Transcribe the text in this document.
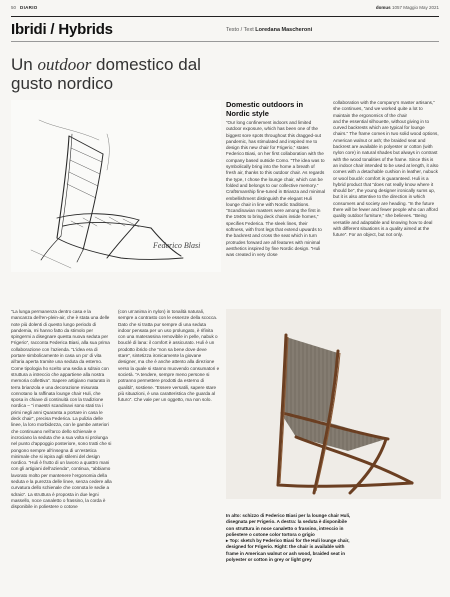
50 DIARIO	domus 1057 Maggio May 2021
Ibridi / Hybrids	Testo / Text Loredana Mascheroni
Un outdoor domestico dal gusto nordico
Federico Blasi
Domestic outdoors in Nordic style

“Our long confinement indoors and limited outdoor exposure, which has been one of the biggest sore spots throughout this dragged-out pandemic, has stimulated and inspired me to design this new chair for Frigerio,” states Federico Biasi, on her first collaboration with the company based outside Como. “The idea was to symbolically bring into the home a breath of fresh air, thanks to this outdoor chair. As regards the type, I chose the lounge chair, which can be folded and belongs to our collective memory.” Craftsmanship fine-tuned in Brianza and minimal embellishment distinguish the elegant Huli lounge chair in line with Nordic traditions. “Scandinavian masters were among the first in the 1940s to bring deck chairs inside homes,” specifies Federica. The sleek lines, their softness, with front legs that extend upwards to the backrest and cross the seat which in turn protrudes forward are all features with minimal aesthetics inspired by fine Nordic design. “Huli was created in very close

collaboration with the company’s master artisans,” she continues, “and we worked quite a lot to maintain the ergonomics of the chair

and the essential silhouette, without giving in to curved backrests which are typical for lounge chairs.” The frame comes in two solid wood options, American walnut or ash; the braided seat and backrest are available in polyester or cotton (with nylon core) in natural shades but always in contrast with the wood tonalities of the frame. Since this is an indoor chair intended to be used at length, it also comes with a detachable cushion in leather, nubuck or wool bouclé: comfort is guaranteed. Huli is a hybrid product that “does not really know where it should be”, the young designer ironically sums up, but it is also attentive to the direction in which consumers and society are heading. “In the future there will be fewer and fewer people who can afford quality outdoor furniture,” she believes. “Being versatile and adaptable and knowing how to deal with different situations is a quality aimed at the future”. For an object, but not only.

“La lunga permanenza dentro casa e la mancanza dell’en-plein-air, che è stata una delle note più dolenti di questo lungo periodo di pandemia, mi hanno fatto da stimolo per spingermi a disegnare questa nuova seduta per Frigerio”, racconta Federica Biasi, alla sua prima collaborazione con l’azienda. “L’idea era di portare simbolicamente in casa un po’ di vita all’aria aperta tramite una seduta da esterno. Come tipologia ho scelto una sedia a sdraio con struttura a intreccio che appartiene alla nostra memoria collettiva”. Sapere artigiano maturato in terra brianzola e una decorazione misurata connotano la raffinata lounge chair Huli, che sposa in chiave di continuità con la tradizione nordica – “i maestri scandinavi sono stati tra i primi negli anni Quaranta a portare in casa le deck chair”, precisa Federica. La pulizia delle linee, la loro morbidezza, con le gambe anteriori che continuano nell’arco dello schienale e incrociano la seduta che a sua volta si prolunga nel punto d’appoggio posteriore, sono tratti che si pongono sempre all’insegna di un’estetica minimale che si ispira agli stilemi del design nordico. “Huli è frutto di un lavoro a quattro mani con gli artigiani dell’azienda”, continua, “abbiamo lavorato molto per mantenere l’ergonomia della seduta e la purezza delle linee, senza cedere alla curvatura dello schienale che connota le sedie a sdraio”. La struttura è proposta in due legni massello, noce canaletto o frassino, la corda è disponibile in poliestere o cotone

(con un’anima in nylon) in tonalità naturali, sempre a contrasto con le essenze della scocca. Dato che si tratta pur sempre di una seduta indoor pensata per un uso prolungato, è rifinita con una materassina removibile in pelle, nabuk o bouclé di lana: il comfort è assicurato. Huli è un prodotto ibrido che “non sa bene dove deve stare”, sintetizza ironicamente la giovane designer, ma che è anche attento alla direzione verso la quale si stanno muovendo consumatori e società. “A tendere, sempre meno persone si potranno permettere prodotti da esterno di qualità”, sostiene. “Essere versatili, sapere stare più situazioni, è una caratteristica che guarda al futuro”. Che vale per un oggetto, ma non solo.

In alto: schizzo di Federico Biasi per la lounge chair Huli, disegnata per Frigerio. A destra: la seduta è disponibile con struttura in noce canaletto o frassino, intreccio in poliestere o cotone color tortora o grigio

▸ Top: sketch by Federico Biasi for the Huli lounge chair, designed for Frigerio. Right: the chair is available with frame in American walnut or ash wood, braided seat in polyester or cotton in grey or light grey
